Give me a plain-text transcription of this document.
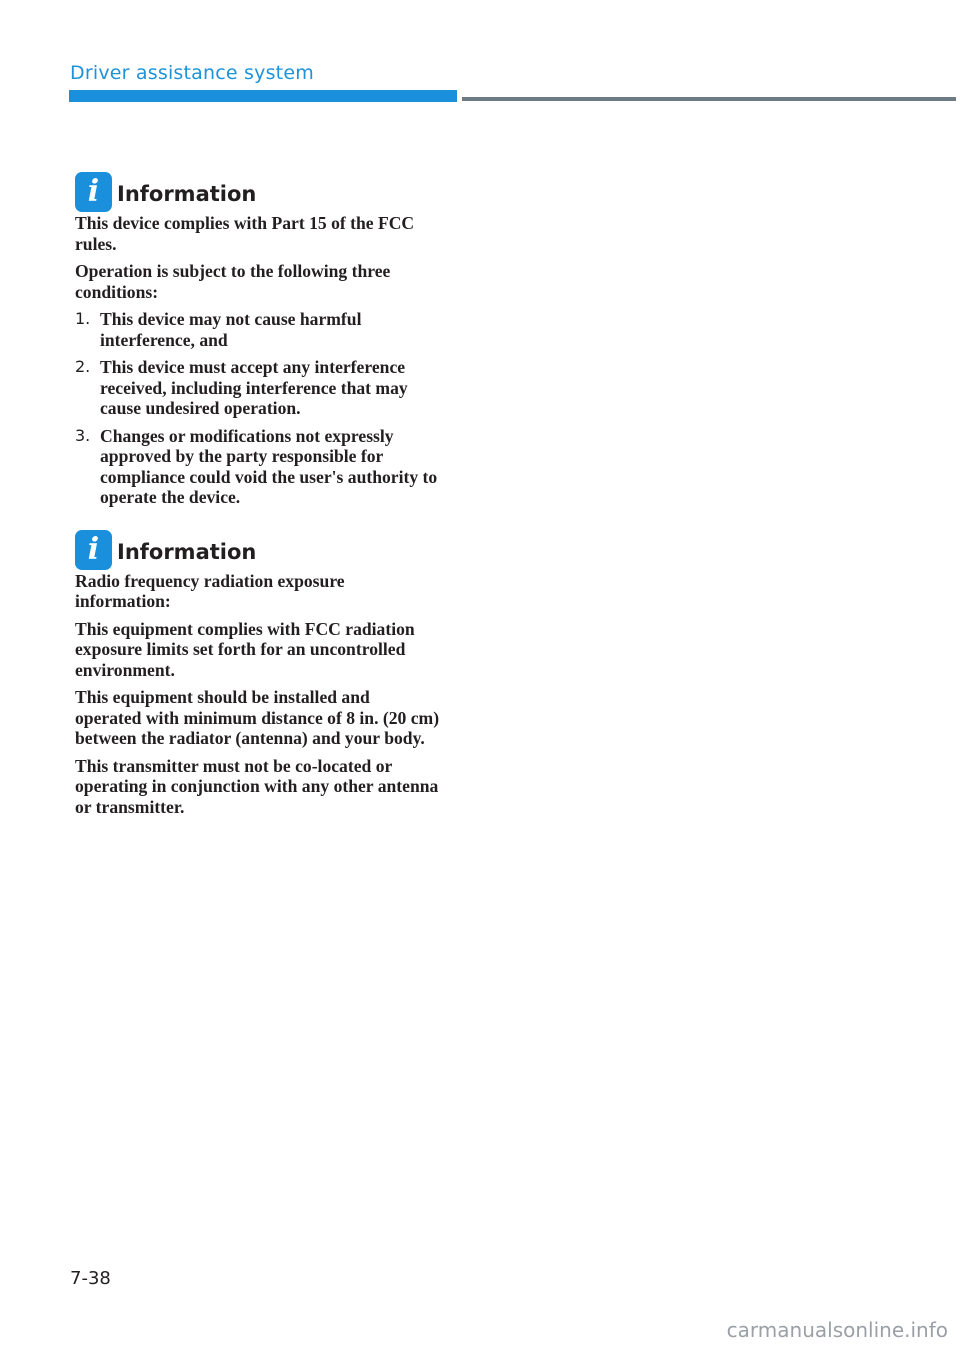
Driver assistance system
i Information

This device complies with Part 15 of the FCC rules.

Operation is subject to the following three conditions:

1. This device may not cause harmful interference, and
2. This device must accept any interference received, including interference that may cause undesired operation.
3. Changes or modifications not expressly approved by the party responsible for compliance could void the user's authority to operate the device.
i Information

Radio frequency radiation exposure information:

This equipment complies with FCC radiation exposure limits set forth for an uncontrolled environment.

This equipment should be installed and operated with minimum distance of 8 in. (20 cm) between the radiator (antenna) and your body.

This transmitter must not be co-located or operating in conjunction with any other antenna or transmitter.

7-38
carmanualsonline.info
